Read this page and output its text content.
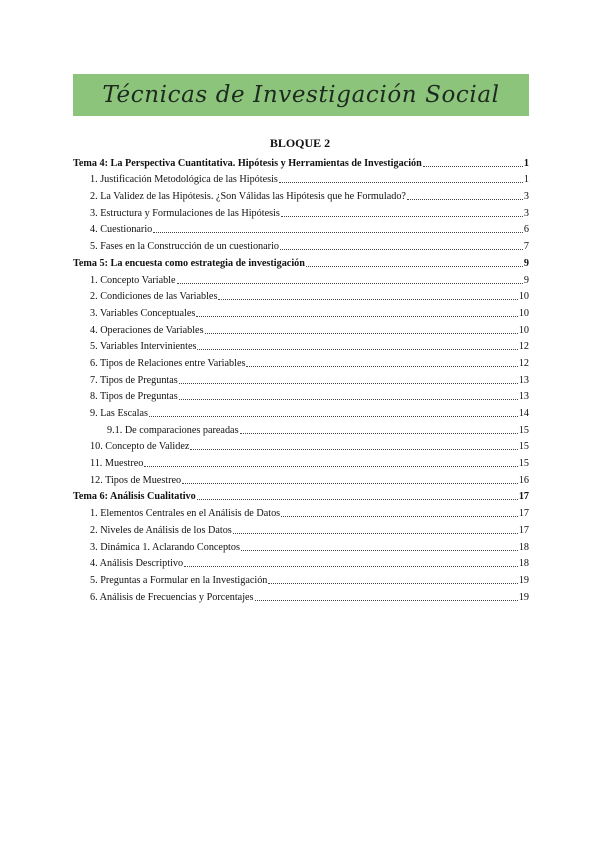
Técnicas de Investigación Social
BLOQUE 2
Tema 4: La Perspectiva Cuantitativa. Hipótesis y Herramientas de Investigación	1
1. Justificación Metodológica de las Hipótesis	1
2. La Validez de las Hipótesis. ¿Son Válidas las Hipótesis que he Formulado?	3
3. Estructura y Formulaciones de las Hipótesis	3
4. Cuestionario	6
5. Fases en la Construcción de un cuestionario	7
Tema 5: La encuesta como estrategia de investigación	9
1. Concepto Variable	9
2. Condiciones de las Variables	10
3. Variables Conceptuales	10
4. Operaciones de Variables	10
5. Variables Intervinientes	12
6. Tipos de Relaciones entre Variables	12
7. Tipos de Preguntas	13
8. Tipos de Preguntas	13
9. Las Escalas	14
9.1. De comparaciones pareadas	15
10. Concepto de Validez	15
11. Muestreo	15
12. Tipos de Muestreo	16
Tema 6: Análisis Cualitativo	17
1. Elementos Centrales en el Análisis de Datos	17
2. Niveles de Análisis de los Datos	17
3. Dinámica 1. Aclarando Conceptos	18
4. Análisis Descriptivo	18
5. Preguntas a Formular en la Investigación	19
6. Análisis de Frecuencias y Porcentajes	19
